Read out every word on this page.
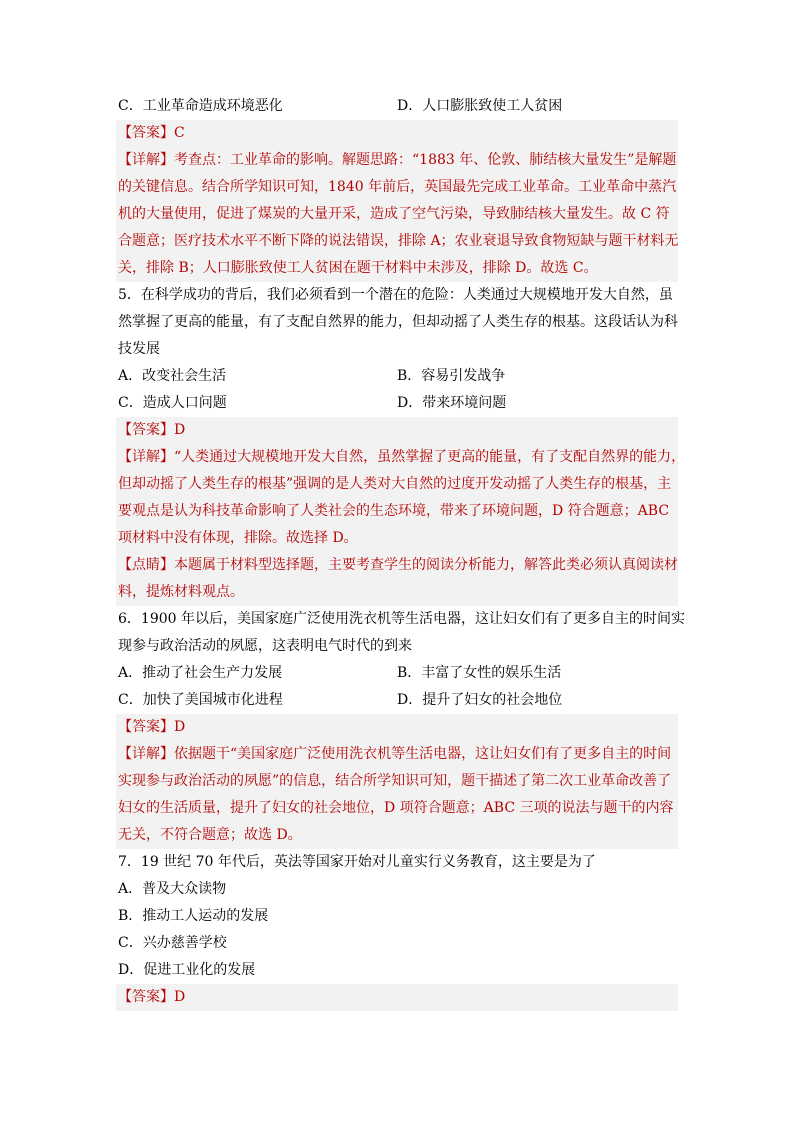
C．工业革命造成环境恶化	D．人口膨胀致使工人贫困
【答案】C
【详解】考查点：工业革命的影响。解题思路：“1883 年、伦敦、肺结核大量发生”是解题
的关键信息。结合所学知识可知，1840 年前后，英国最先完成工业革命。工业革命中蒸汽
机的大量使用，促进了煤炭的大量开采，造成了空气污染，导致肺结核大量发生。故 C 符
合题意；医疗技术水平不断下降的说法错误，排除 A；农业衰退导致食物短缺与题干材料无
关，排除 B；人口膨胀致使工人贫困在题干材料中未涉及，排除 D。故选 C。
5．在科学成功的背后，我们必须看到一个潜在的危险：人类通过大规模地开发大自然，虽
然掌握了更高的能量，有了支配自然界的能力，但却动摇了人类生存的根基。这段话认为科
技发展
A．改变社会生活	B．容易引发战争
C．造成人口问题	D．带来环境问题
【答案】D
【详解】“人类通过大规模地开发大自然，虽然掌握了更高的能量，有了支配自然界的能力，
但却动摇了人类生存的根基”强调的是人类对大自然的过度开发动摇了人类生存的根基，主
要观点是认为科技革命影响了人类社会的生态环境，带来了环境问题，D 符合题意；ABC
项材料中没有体现，排除。故选择 D。
【点睛】本题属于材料型选择题，主要考查学生的阅读分析能力，解答此类必须认真阅读材
料，提炼材料观点。
6．1900 年以后，美国家庭广泛使用洗衣机等生活电器，这让妇女们有了更多自主的时间实
现参与政治活动的夙愿，这表明电气时代的到来
A．推动了社会生产力发展	B．丰富了女性的娱乐生活
C．加快了美国城市化进程	D．提升了妇女的社会地位
【答案】D
【详解】依据题干“美国家庭广泛使用洗衣机等生活电器，这让妇女们有了更多自主的时间
实现参与政治活动的夙愿”的信息，结合所学知识可知，题干描述了第二次工业革命改善了
妇女的生活质量，提升了妇女的社会地位，D 项符合题意；ABC 三项的说法与题干的内容
无关，不符合题意；故选 D。
7．19 世纪 70 年代后，英法等国家开始对儿童实行义务教育，这主要是为了
A．普及大众读物
B．推动工人运动的发展
C．兴办慈善学校
D．促进工业化的发展
【答案】D
